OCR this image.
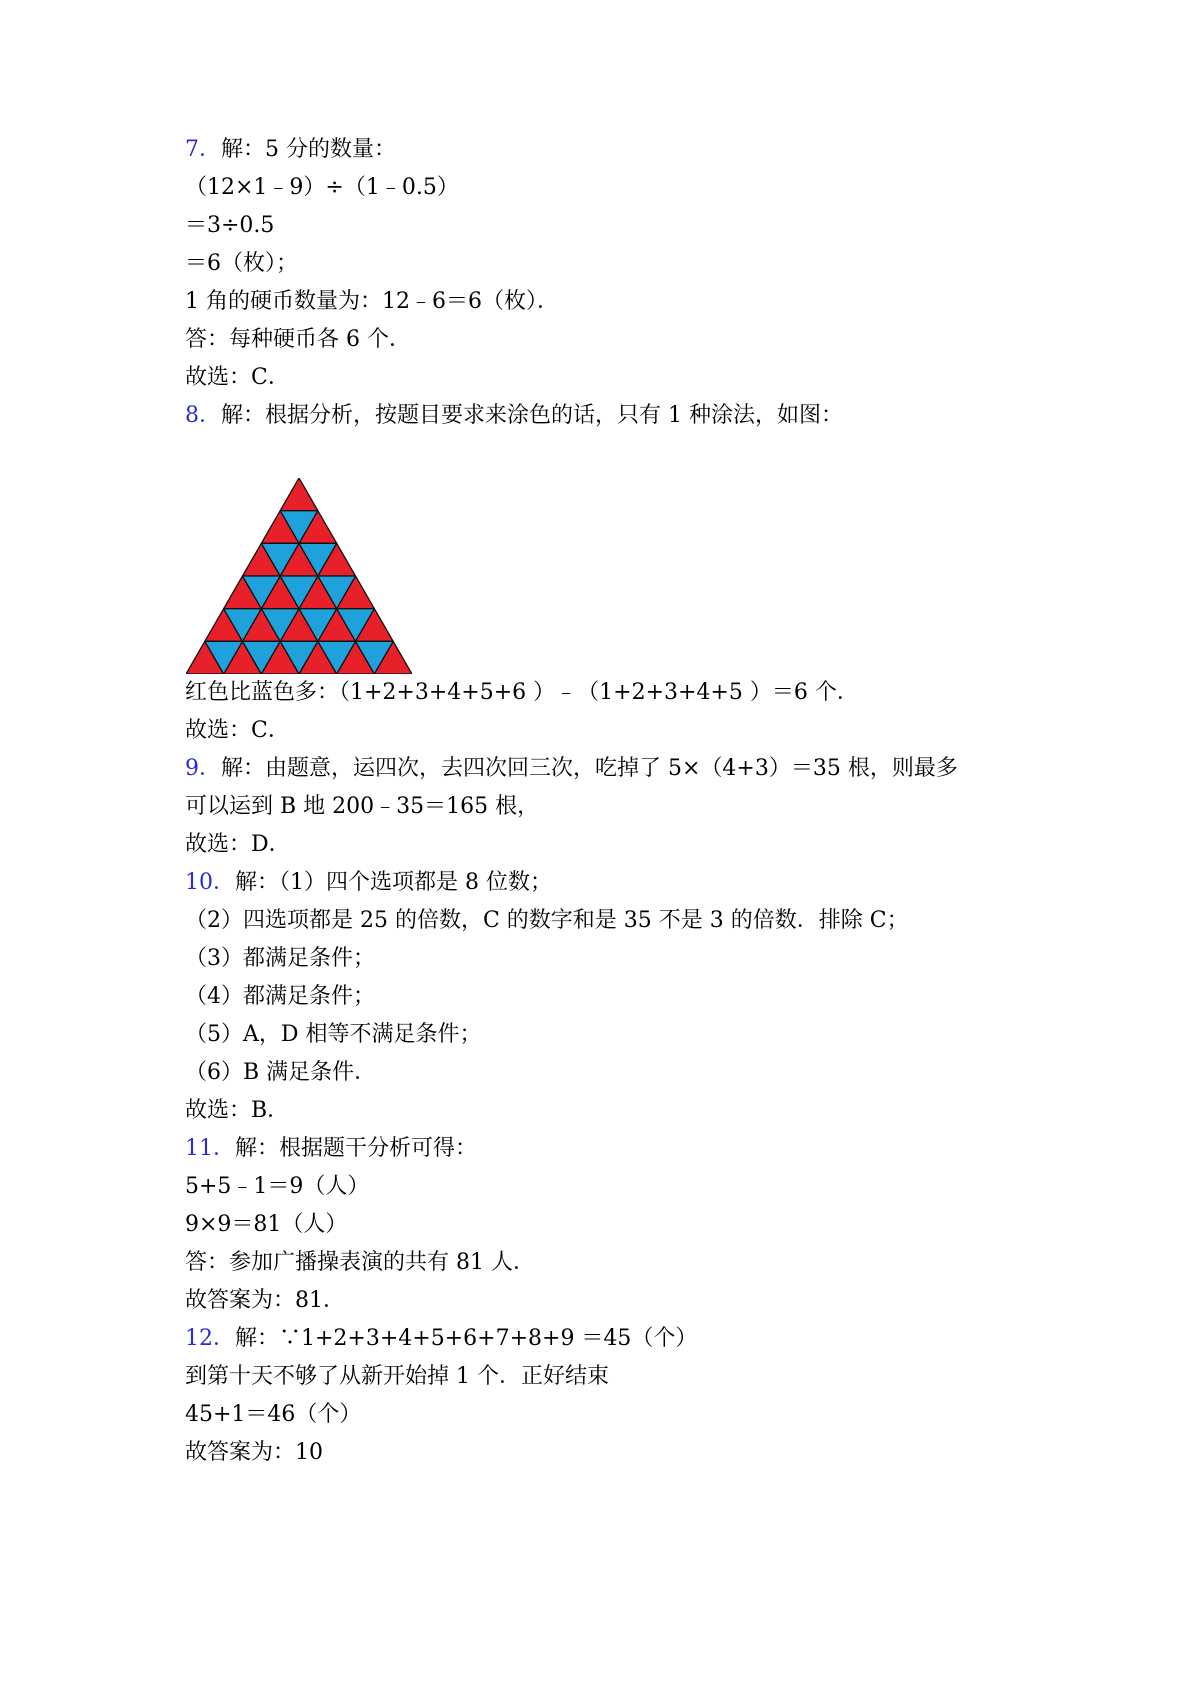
7．解：5 分的数量：
（12×1﹣9）÷（1﹣0.5）
＝3÷0.5
＝6（枚）；
1 角的硬币数量为：12﹣6＝6（枚）．
答：每种硬币各 6 个．
故选：C．
8．解：根据分析，按题目要求来涂色的话，只有 1 种涂法，如图：
红色比蓝色多：（1+2+3+4+5+6 ）﹣（1+2+3+4+5 ）＝6 个．
故选：C．
9．解：由题意，运四次，去四次回三次，吃掉了 5×（4+3）＝35 根，则最多
可以运到 B 地 200﹣35＝165 根，
故选：D．
10．解：（1）四个选项都是 8 位数；
（2）四选项都是 25 的倍数，C 的数字和是 35 不是 3 的倍数．排除 C；
（3）都满足条件；
（4）都满足条件；
（5）A，D 相等不满足条件；
（6）B 满足条件．
故选：B．
11．解：根据题干分析可得：
5+5﹣1＝9（人）
9×9＝81（人）
答：参加广播操表演的共有 81 人．
故答案为：81．
12．解：∵1+2+3+4+5+6+7+8+9 ＝45（个）
到第十天不够了从新开始掉 1 个．正好结束
45+1＝46（个）
故答案为：10
